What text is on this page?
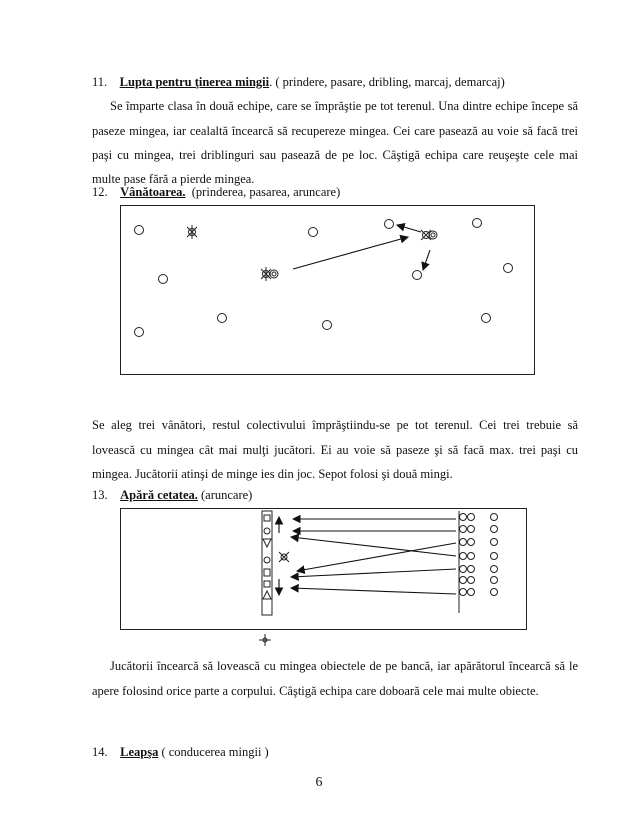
11. Lupta pentru ţinerea mingii. ( prindere, pasare, dribling, marcaj, demarcaj)
Se împarte clasa în două echipe, care se împrăştie pe tot terenul. Una dintre echipe începe să
paseze mingea, iar cealaltă încearcă să recupereze mingea. Cei care pasează au voie să facă trei
paşi cu mingea, trei driblinguri sau pasează de pe loc. Câştigă echipa care reuşeşte cele mai
multe pase fără a pierde mingea.
12. Vânătoarea. (prinderea, pasarea, aruncare)
Se aleg trei vânători, restul colectivului împrăştiindu-se pe tot terenul. Cei trei trebuie să
lovească cu mingea cât mai mulţi jucători. Ei au voie să paseze şi să facă max. trei paşi cu
mingea. Jucătorii atinşi de minge ies din joc. Sepot folosi şi două mingi.
13. Apără cetatea. (aruncare)
Jucătorii încearcă să lovească cu mingea obiectele de pe bancă, iar apărătorul încearcă să le
apere folosind orice parte a corpului. Câştigă echipa care doboară cele mai multe obiecte.
14. Leapşa ( conducerea mingii )
6
